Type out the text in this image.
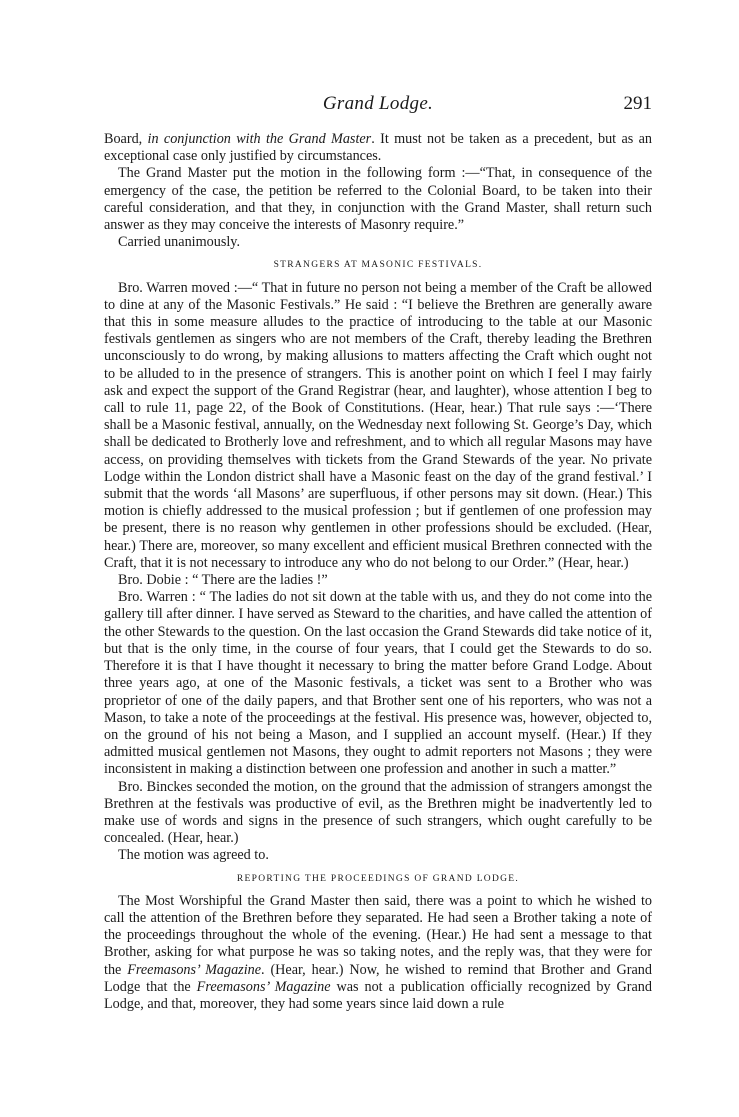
Grand Lodge.	291

Board, in conjunction with the Grand Master. It must not be taken as a precedent, but as an exceptional case only justified by circumstances.

The Grand Master put the motion in the following form :—“That, in consequence of the emergency of the case, the petition be referred to the Colonial Board, to be taken into their careful consideration, and that they, in conjunction with the Grand Master, shall return such answer as they may conceive the interests of Masonry require.”

Carried unanimously.

STRANGERS AT MASONIC FESTIVALS.

Bro. Warren moved :—“ That in future no person not being a member of the Craft be allowed to dine at any of the Masonic Festivals.” He said : “I believe the Brethren are generally aware that this in some measure alludes to the practice of introducing to the table at our Masonic festivals gentlemen as singers who are not members of the Craft, thereby leading the Brethren unconsciously to do wrong, by making allusions to matters affecting the Craft which ought not to be alluded to in the presence of strangers. This is another point on which I feel I may fairly ask and expect the support of the Grand Registrar (hear, and laughter), whose attention I beg to call to rule 11, page 22, of the Book of Constitutions. (Hear, hear.) That rule says :—‘There shall be a Masonic festival, annually, on the Wednesday next following St. George’s Day, which shall be dedicated to Brotherly love and refreshment, and to which all regular Masons may have access, on providing themselves with tickets from the Grand Stewards of the year. No private Lodge within the London district shall have a Masonic feast on the day of the grand festival.’ I submit that the words ‘all Masons’ are superfluous, if other persons may sit down. (Hear.) This motion is chiefly addressed to the musical profession ; but if gentlemen of one profession may be present, there is no reason why gentlemen in other professions should be excluded. (Hear, hear.) There are, moreover, so many excellent and efficient musical Brethren connected with the Craft, that it is not necessary to introduce any who do not belong to our Order.” (Hear, hear.)

Bro. Dobie : “ There are the ladies !”

Bro. Warren : “ The ladies do not sit down at the table with us, and they do not come into the gallery till after dinner. I have served as Steward to the charities, and have called the attention of the other Stewards to the question. On the last occasion the Grand Stewards did take notice of it, but that is the only time, in the course of four years, that I could get the Stewards to do so. Therefore it is that I have thought it necessary to bring the matter before Grand Lodge. About three years ago, at one of the Masonic festivals, a ticket was sent to a Brother who was proprietor of one of the daily papers, and that Brother sent one of his reporters, who was not a Mason, to take a note of the proceedings at the festival. His presence was, however, objected to, on the ground of his not being a Mason, and I supplied an account myself. (Hear.) If they admitted musical gentlemen not Masons, they ought to admit reporters not Masons ; they were inconsistent in making a distinction between one profession and another in such a matter.”

Bro. Binckes seconded the motion, on the ground that the admission of strangers amongst the Brethren at the festivals was productive of evil, as the Brethren might be inadvertently led to make use of words and signs in the presence of such strangers, which ought carefully to be concealed. (Hear, hear.)

The motion was agreed to.

REPORTING THE PROCEEDINGS OF GRAND LODGE.

The Most Worshipful the Grand Master then said, there was a point to which he wished to call the attention of the Brethren before they separated. He had seen a Brother taking a note of the proceedings throughout the whole of the evening. (Hear.) He had sent a message to that Brother, asking for what purpose he was so taking notes, and the reply was, that they were for the Freemasons’ Magazine. (Hear, hear.) Now, he wished to remind that Brother and Grand Lodge that the Freemasons’ Magazine was not a publication officially recognized by Grand Lodge, and that, moreover, they had some years since laid down a rule
